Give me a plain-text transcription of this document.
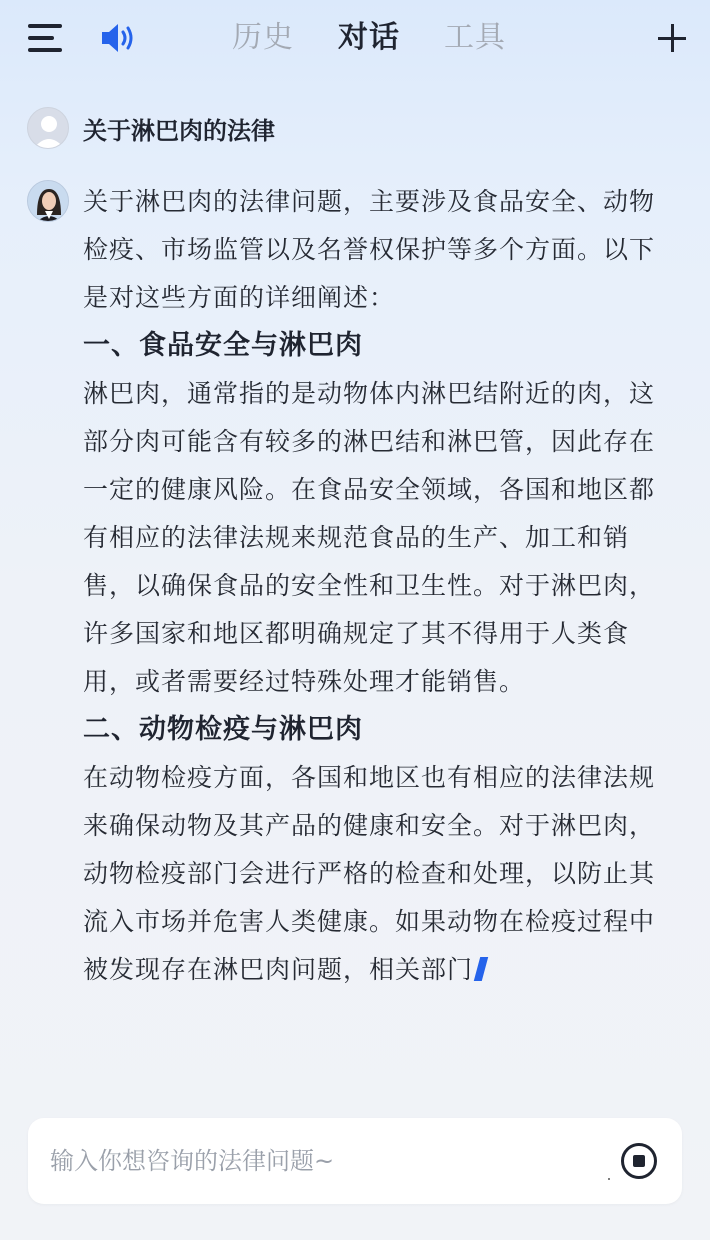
历史	对话	工具
关于淋巴肉的法律

关于淋巴肉的法律问题，主要涉及食品安全、动物检疫、市场监管以及名誉权保护等多个方面。以下是对这些方面的详细阐述：

一、食品安全与淋巴肉

淋巴肉，通常指的是动物体内淋巴结附近的肉，这部分肉可能含有较多的淋巴结和淋巴管，因此存在一定的健康风险。在食品安全领域，各国和地区都有相应的法律法规来规范食品的生产、加工和销售，以确保食品的安全性和卫生性。对于淋巴肉，许多国家和地区都明确规定了其不得用于人类食用，或者需要经过特殊处理才能销售。

二、动物检疫与淋巴肉

在动物检疫方面，各国和地区也有相应的法律法规来确保动物及其产品的健康和安全。对于淋巴肉，动物检疫部门会进行严格的检查和处理，以防止其流入市场并危害人类健康。如果动物在检疫过程中被发现存在淋巴肉问题，相关部门

输入你想咨询的法律问题~
